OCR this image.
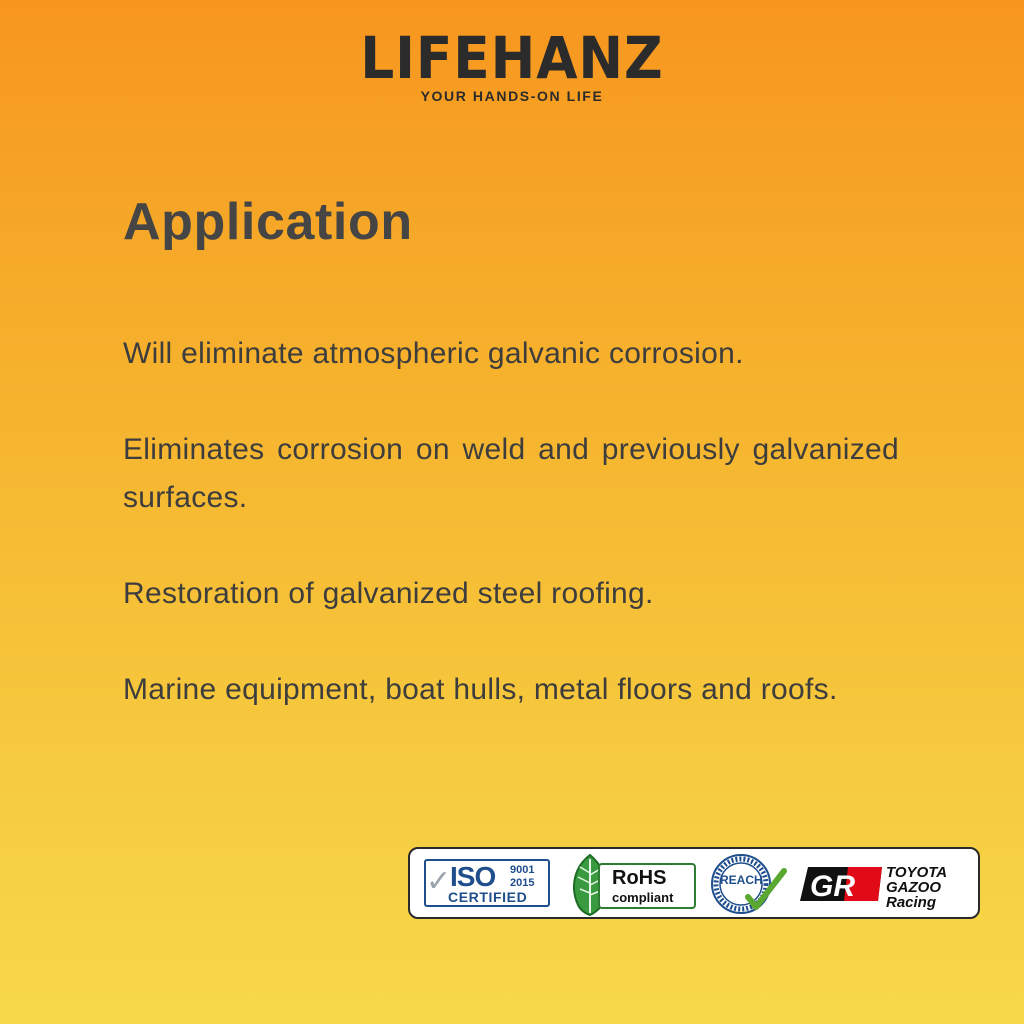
LIFEHANZ
YOUR HANDS-ON LIFE
Application
Will eliminate atmospheric galvanic corrosion.
Eliminates corrosion on weld and previously galvanized surfaces.
Restoration of galvanized steel roofing.
Marine equipment, boat hulls, metal floors and roofs.
✓
ISO 9001
2015
CERTIFIED
RoHS
compliant
REACH GR TOYOTA
GAZOO
Racing
